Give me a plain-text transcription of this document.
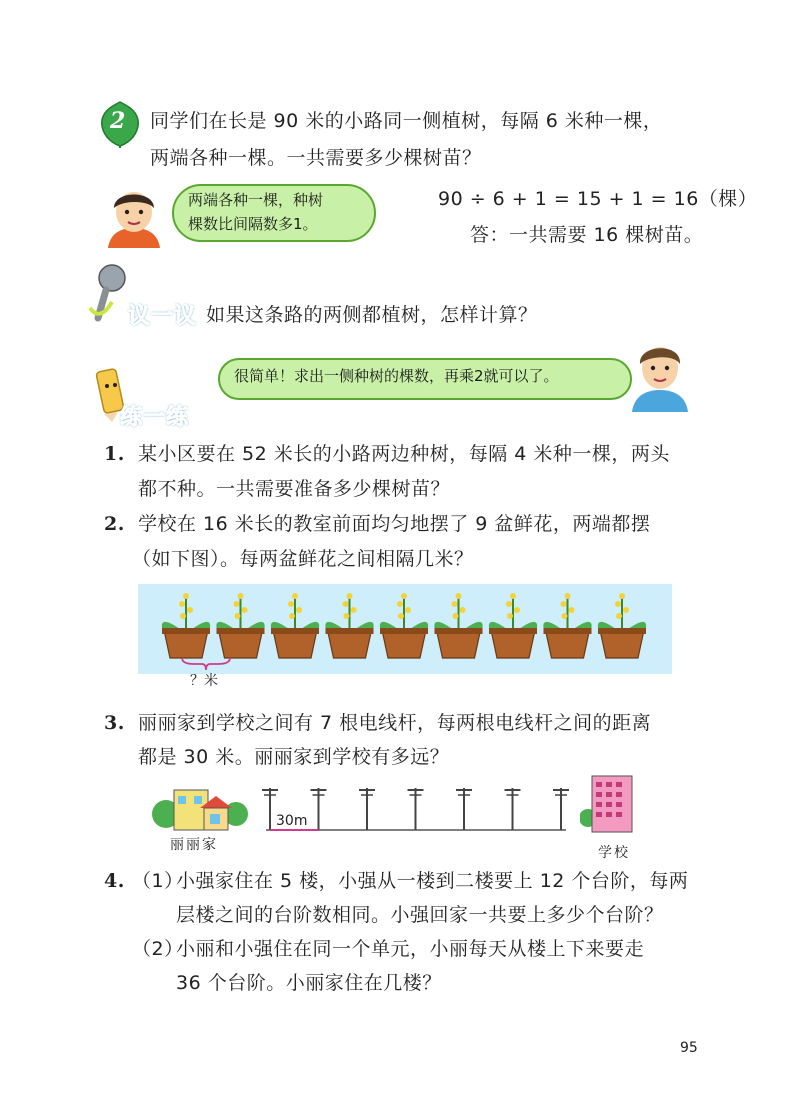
2 同学们在长是 90 米的小路同一侧植树，每隔 6 米种一棵，
两端各种一棵。一共需要多少棵树苗？
两端各种一棵，种树
棵数比间隔数多1。
90 ÷ 6 + 1 = 15 + 1 = 16（棵）
答：一共需要 16 棵树苗。
议一议 如果这条路的两侧都植树，怎样计算？
很简单！求出一侧种树的棵数，再乘2就可以了。
练一练
1. 某小区要在 52 米长的小路两边种树，每隔 4 米种一棵，两头
都不种。一共需要准备多少棵树苗？
2. 学校在 16 米长的教室前面均匀地摆了 9 盆鲜花，两端都摆
（如下图）。每两盆鲜花之间相隔几米？
？米
3. 丽丽家到学校之间有 7 根电线杆，每两根电线杆之间的距离
都是 30 米。丽丽家到学校有多远？
丽丽家
30m
学校
4. （1）
小强家住在 5 楼，小强从一楼到二楼要上 12 个台阶，每两
层楼之间的台阶数相同。小强回家一共要上多少个台阶？
（2）
小丽和小强住在同一个单元，小丽每天从楼上下来要走
36 个台阶。小丽家住在几楼？
95
